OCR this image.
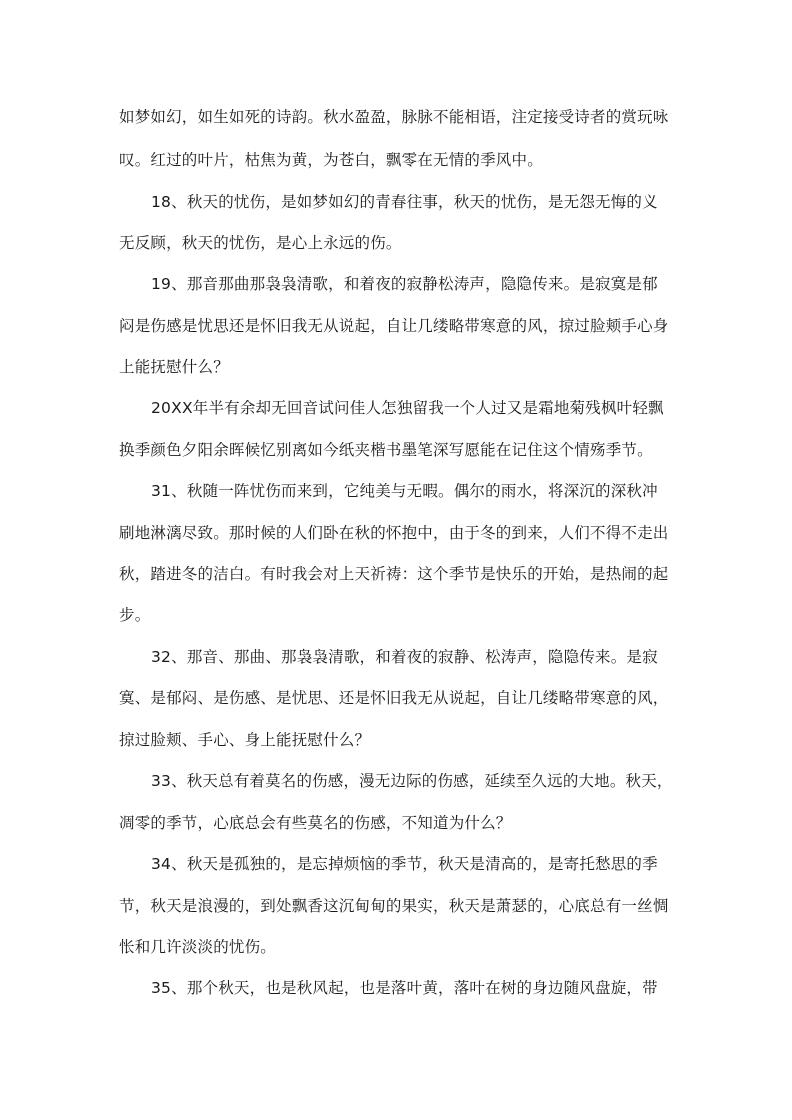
如梦如幻，如生如死的诗韵。秋水盈盈，脉脉不能相语，注定接受诗者的赏玩咏
叹。红过的叶片，枯焦为黄，为苍白，飘零在无情的季风中。
18、秋天的忧伤，是如梦如幻的青春往事，秋天的忧伤，是无怨无悔的义
无反顾，秋天的忧伤，是心上永远的伤。
19、那音那曲那袅袅清歌，和着夜的寂静松涛声，隐隐传来。是寂寞是郁
闷是伤感是忧思还是怀旧我无从说起，自让几缕略带寒意的风，掠过脸颊手心身
上能抚慰什么？
20XX年半有余却无回音试问佳人怎独留我一个人过又是霜地菊残枫叶轻飘
换季颜色夕阳余晖候忆别离如今纸夹楷书墨笔深写愿能在记住这个情殇季节。
31、秋随一阵忧伤而来到，它纯美与无暇。偶尔的雨水，将深沉的深秋冲
刷地淋漓尽致。那时候的人们卧在秋的怀抱中，由于冬的到来，人们不得不走出
秋，踏进冬的洁白。有时我会对上天祈祷：这个季节是快乐的开始，是热闹的起
步。
32、那音、那曲、那袅袅清歌，和着夜的寂静、松涛声，隐隐传来。是寂
寞、是郁闷、是伤感、是忧思、还是怀旧我无从说起，自让几缕略带寒意的风，
掠过脸颊、手心、身上能抚慰什么？
33、秋天总有着莫名的伤感，漫无边际的伤感，延续至久远的大地。秋天，
凋零的季节，心底总会有些莫名的伤感，不知道为什么？
34、秋天是孤独的，是忘掉烦恼的季节，秋天是清高的，是寄托愁思的季
节，秋天是浪漫的，到处飘香这沉甸甸的果实，秋天是萧瑟的，心底总有一丝惆
怅和几许淡淡的忧伤。
35、那个秋天，也是秋风起，也是落叶黄，落叶在树的身边随风盘旋，带
